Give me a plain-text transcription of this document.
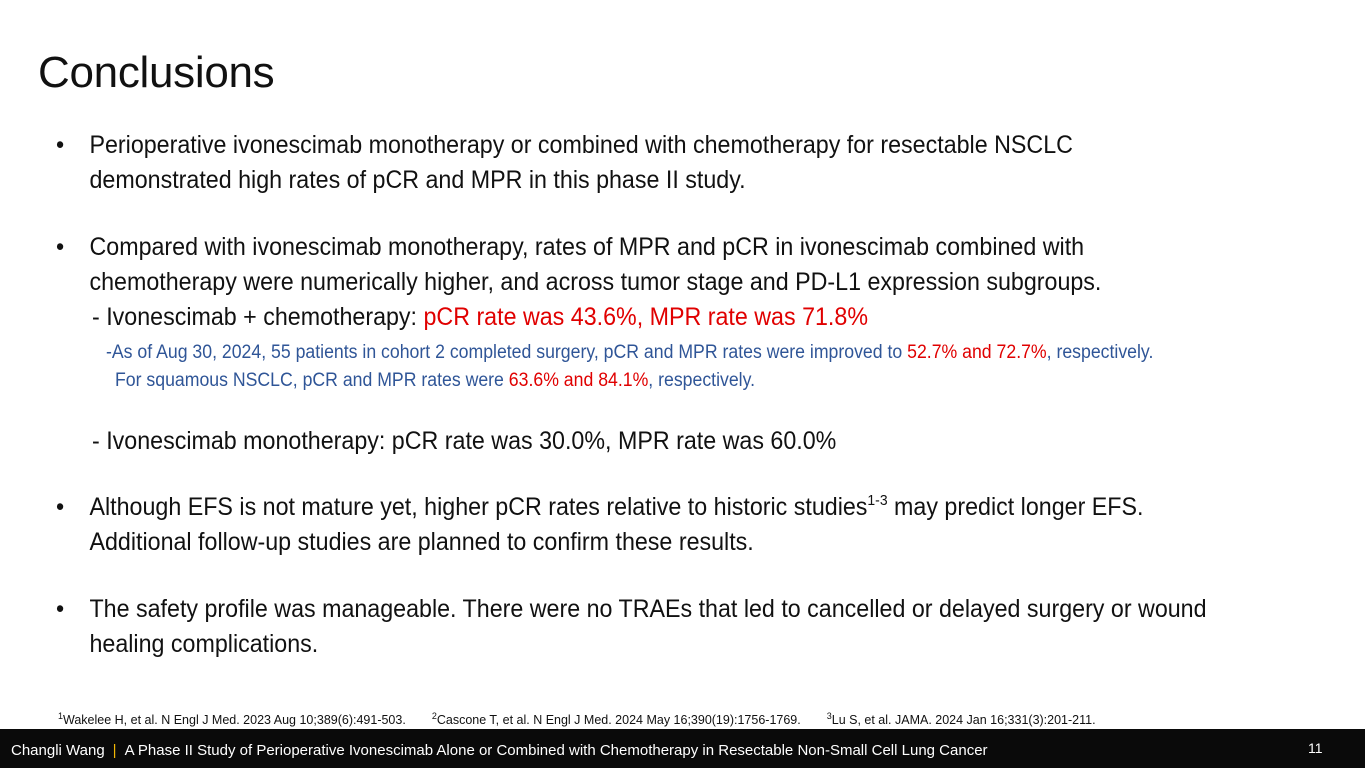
Conclusions
• Perioperative ivonescimab monotherapy or combined with chemotherapy for resectable NSCLC
demonstrated high rates of pCR and MPR in this phase II study.
• Compared with ivonescimab monotherapy, rates of MPR and pCR in ivonescimab combined with
chemotherapy were numerically higher, and across tumor stage and PD-L1 expression subgroups.
- Ivonescimab + chemotherapy: pCR rate was 43.6%, MPR rate was 71.8%
-As of Aug 30, 2024, 55 patients in cohort 2 completed surgery, pCR and MPR rates were improved to 52.7% and 72.7%, respectively.
For squamous NSCLC, pCR and MPR rates were 63.6% and 84.1%, respectively.
- Ivonescimab monotherapy: pCR rate was 30.0%, MPR rate was 60.0%
• Although EFS is not mature yet, higher pCR rates relative to historic studies$^{1-3}$ may predict longer EFS.
Additional follow-up studies are planned to confirm these results.
• The safety profile was manageable. There were no TRAEs that led to cancelled or delayed surgery or wound
healing complications.
$^1$Wakelee H, et al. N Engl J Med. 2023 Aug 10;389(6):491-503.	$^2$Cascone T, et al. N Engl J Med. 2024 May 16;390(19):1756-1769.	$^3$Lu S, et al. JAMA. 2024 Jan 16;331(3):201-211.
Changli Wang | A Phase II Study of Perioperative Ivonescimab Alone or Combined with Chemotherapy in Resectable Non-Small Cell Lung Cancer	11
